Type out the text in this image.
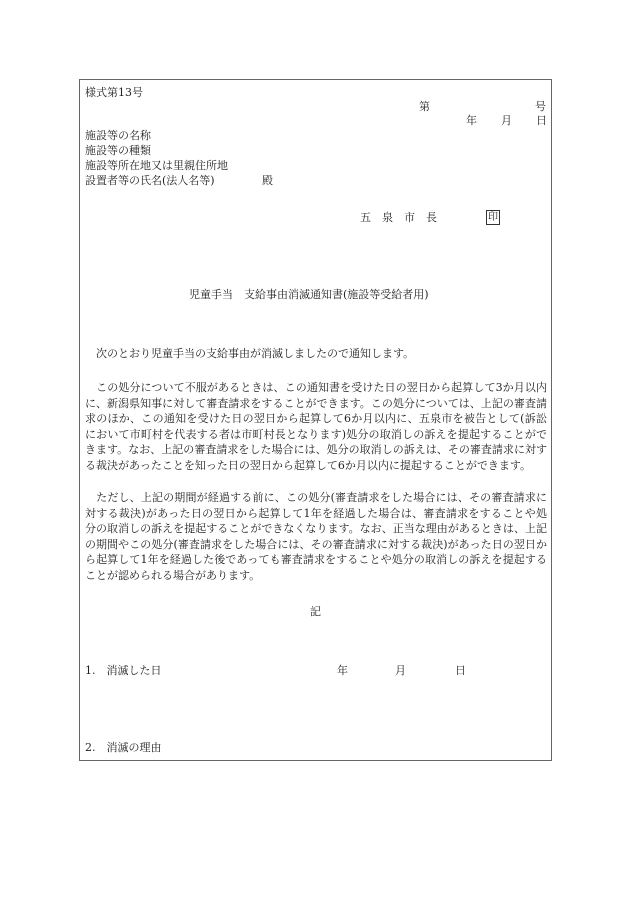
様式第13号
第	号
年 月 日
施設等の名称
施設等の種類
施設等所在地又は里親住所地
設置者等の氏名(法人名等)	殿
五　泉　市　長	印
児童手当　支給事由消滅通知書(施設等受給者用)
　次のとおり児童手当の支給事由が消滅しましたので通知します。
　この処分について不服があるときは、この通知書を受けた日の翌日から起算して3か月以内に、新潟県知事に対して審査請求をすることができます。この処分については、上記の審査請求のほか、この通知を受けた日の翌日から起算して6か月以内に、五泉市を被告として(訴訟において市町村を代表する者は市町村長となります)処分の取消しの訴えを提起することができます。なお、上記の審査請求をした場合には、処分の取消しの訴えは、その審査請求に対する裁決があったことを知った日の翌日から起算して6か月以内に提起することができます。
　ただし、上記の期間が経過する前に、この処分(審査請求をした場合には、その審査請求に対する裁決)があった日の翌日から起算して1年を経過した場合は、審査請求をすることや処分の取消しの訴えを提起することができなくなります。なお、正当な理由があるときは、上記の期間やこの処分(審査請求をした場合には、その審査請求に対する裁決)があった日の翌日から起算して1年を経過した後であっても審査請求をすることや処分の取消しの訴えを提起することが認められる場合があります。
記
1.　消滅した日	年	月	日
2.　消滅の理由
